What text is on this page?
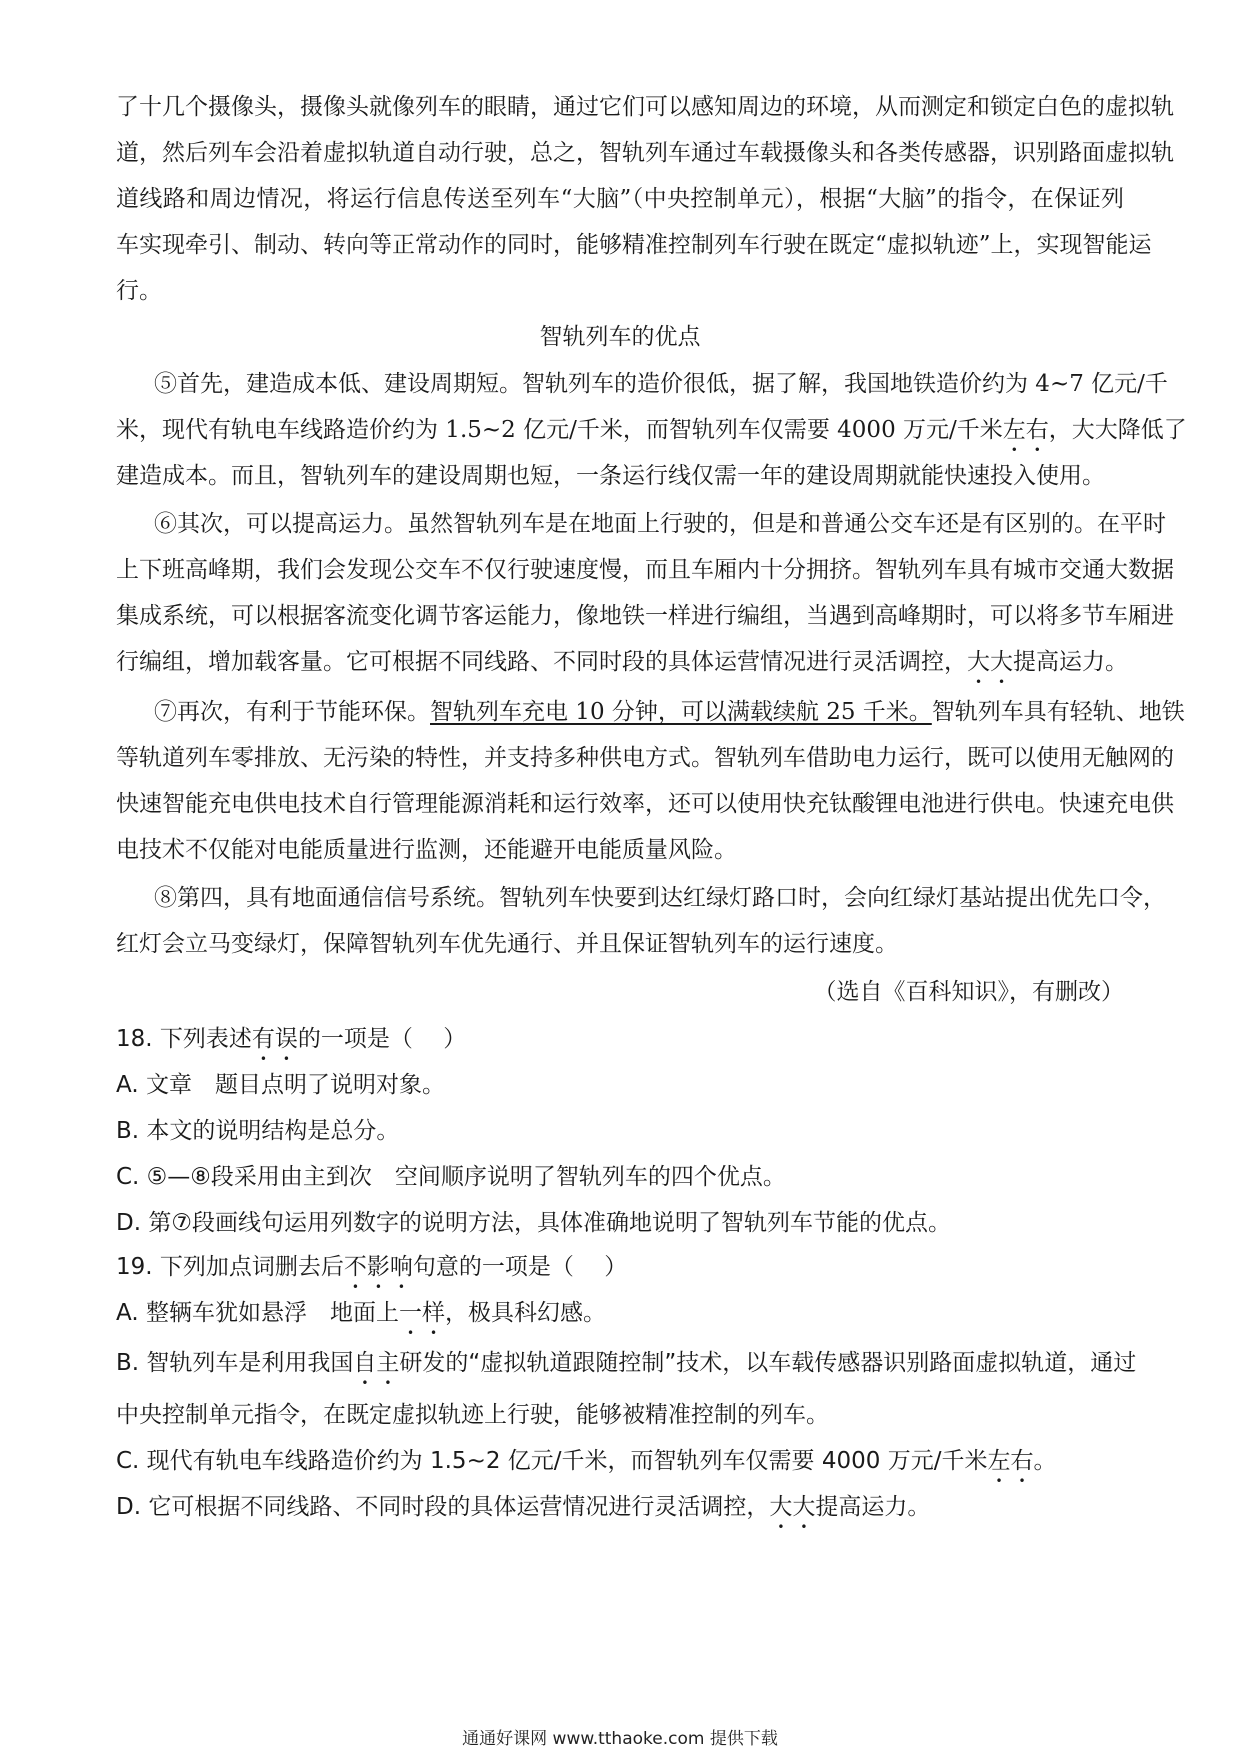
了十几个摄像头，摄像头就像列车的眼睛，通过它们可以感知周边的环境，从而测定和锁定白色的虚拟轨
道，然后列车会沿着虚拟轨道自动行驶，总之，智轨列车通过车载摄像头和各类传感器，识别路面虚拟轨
道线路和周边情况，将运行信息传送至列车“大脑”（中央控制单元），根据“大脑”的指令，在保证列
车实现牵引、制动、转向等正常动作的同时，能够精准控制列车行驶在既定“虚拟轨迹”上，实现智能运
行。
智轨列车的优点
⑤首先，建造成本低、建设周期短。智轨列车的造价很低，据了解，我国地铁造价约为 4~7 亿元/千
米，现代有轨电车线路造价约为 1.5~2 亿元/千米，而智轨列车仅需要 4000 万元/千米左右，大大降低了
建造成本。而且，智轨列车的建设周期也短，一条运行线仅需一年的建设周期就能快速投入使用。
⑥其次，可以提高运力。虽然智轨列车是在地面上行驶的，但是和普通公交车还是有区别的。在平时
上下班高峰期，我们会发现公交车不仅行驶速度慢，而且车厢内十分拥挤。智轨列车具有城市交通大数据
集成系统，可以根据客流变化调节客运能力，像地铁一样进行编组，当遇到高峰期时，可以将多节车厢进
行编组，增加载客量。它可根据不同线路、不同时段的具体运营情况进行灵活调控，大大提高运力。
⑦再次，有利于节能环保。智轨列车充电 10 分钟，可以满载续航 25 千米。智轨列车具有轻轨、地铁
等轨道列车零排放、无污染的特性，并支持多种供电方式。智轨列车借助电力运行，既可以使用无触网的
快速智能充电供电技术自行管理能源消耗和运行效率，还可以使用快充钛酸锂电池进行供电。快速充电供
电技术不仅能对电能质量进行监测，还能避开电能质量风险。
⑧第四，具有地面通信信号系统。智轨列车快要到达红绿灯路口时，会向红绿灯基站提出优先口令，
红灯会立马变绿灯，保障智轨列车优先通行、并且保证智轨列车的运行速度。
（选自《百科知识》，有删改）
18. 下列表述有误的一项是（　 ）
A. 文章　题目点明了说明对象。
B. 本文的说明结构是总分。
C. ⑤—⑧段采用由主到次　空间顺序说明了智轨列车的四个优点。
D. 第⑦段画线句运用列数字的说明方法，具体准确地说明了智轨列车节能的优点。
19. 下列加点词删去后不影响句意的一项是（　 ）
A. 整辆车犹如悬浮　地面上一样，极具科幻感。
B. 智轨列车是利用我国自主研发的“虚拟轨道跟随控制”技术，以车载传感器识别路面虚拟轨道，通过
中央控制单元指令，在既定虚拟轨迹上行驶，能够被精准控制的列车。
C. 现代有轨电车线路造价约为 1.5~2 亿元/千米，而智轨列车仅需要 4000 万元/千米左右。
D. 它可根据不同线路、不同时段的具体运营情况进行灵活调控，大大提高运力。
通通好课网 www.tthaoke.com 提供下载
